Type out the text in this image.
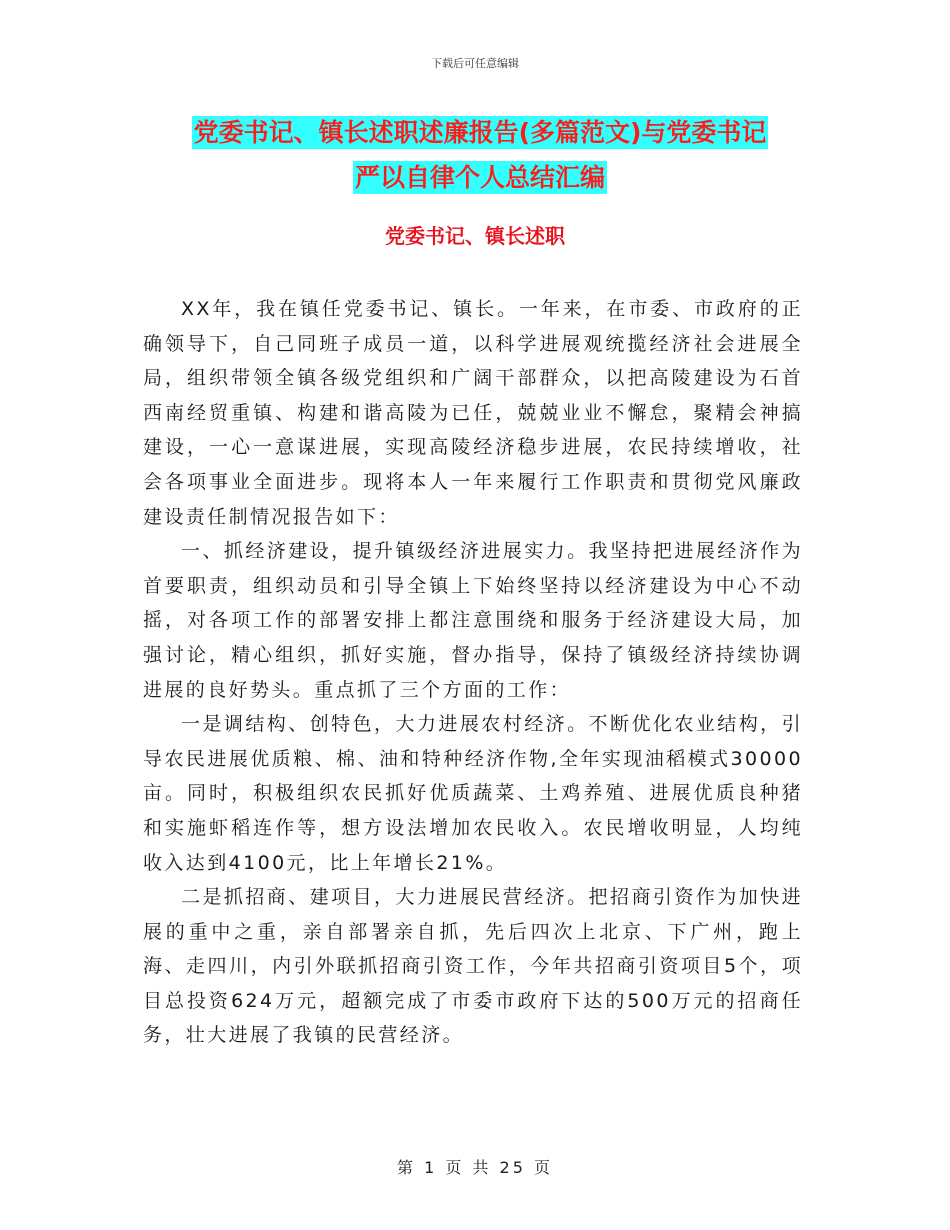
下载后可任意编辑
党委书记、镇长述职述廉报告(多篇范文)与党委书记
严以自律个人总结汇编
党委书记、镇长述职

XX年，我在镇任党委书记、镇长。一年来，在市委、市政府的正确领导下，自己同班子成员一道，以科学进展观统揽经济社会进展全局，组织带领全镇各级党组织和广阔干部群众，以把高陵建设为石首西南经贸重镇、构建和谐高陵为已任，兢兢业业不懈怠，聚精会神搞建设，一心一意谋进展，实现高陵经济稳步进展，农民持续增收，社会各项事业全面进步。现将本人一年来履行工作职责和贯彻党风廉政建设责任制情况报告如下：

一、抓经济建设，提升镇级经济进展实力。我坚持把进展经济作为首要职责，组织动员和引导全镇上下始终坚持以经济建设为中心不动摇，对各项工作的部署安排上都注意围绕和服务于经济建设大局，加强讨论，精心组织，抓好实施，督办指导，保持了镇级经济持续协调进展的良好势头。重点抓了三个方面的工作：

一是调结构、创特色，大力进展农村经济。不断优化农业结构，引导农民进展优质粮、棉、油和特种经济作物,全年实现油稻模式30000亩。同时，积极组织农民抓好优质蔬菜、土鸡养殖、进展优质良种猪和实施虾稻连作等，想方设法增加农民收入。农民增收明显，人均纯收入达到4100元，比上年增长21%。

二是抓招商、建项目，大力进展民营经济。把招商引资作为加快进展的重中之重，亲自部署亲自抓，先后四次上北京、下广州，跑上海、走四川，内引外联抓招商引资工作，今年共招商引资项目5个，项目总投资624万元，超额完成了市委市政府下达的500万元的招商任务，壮大进展了我镇的民营经济。

第 1 页 共 25 页
